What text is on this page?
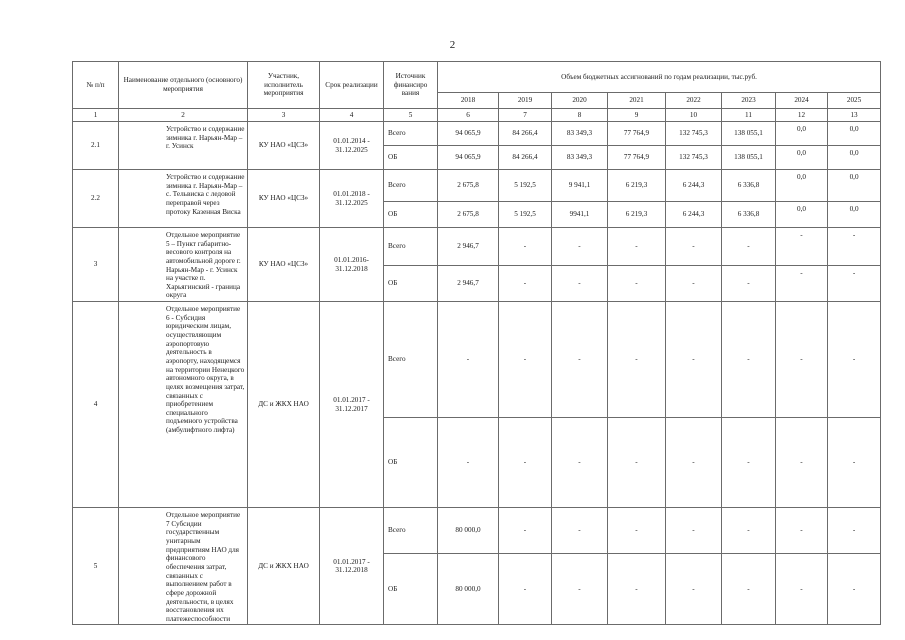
2
№ п/п	Наименование отдельного (основного) мероприятия	Участник, исполнитель мероприятия	Срок реализации	Источник финансиро вания	Объем бюджетных ассигнований по годам реализации, тыс.руб.							
					2018	2019	2020	2021	2022	2023	2024	2025
1	2	3	4	5	6	7	8	9	10	11	12	13
2.1	Устройство и содержание зимника г. Нарьян-Мар – г. Усинск	КУ НАО «ЦСЗ»	01.01.2014 - 31.12.2025	Всего	94 065,9	84 266,4	83 349,3	77 764,9	132 745,3	138 055,1	0,0	0,0
				ОБ	94 065,9	84 266,4	83 349,3	77 764,9	132 745,3	138 055,1	0,0	0,0
2.2	Устройство и содержание зимника г. Нарьян-Мар –с. Тельвиска с ледовой переправой через протоку Казенная Виска	КУ НАО «ЦСЗ»	01.01.2018 - 31.12.2025	Всего	2 675,8	5 192,5	9 941,1	6 219,3	6 244,3	6 336,8	0,0	0,0
				ОБ	2 675,8	5 192,5	9941,1	6 219,3	6 244,3	6 336,8	0,0	0,0
3	Отдельное мероприятие 5 – Пункт габаритно-весового контроля на автомобильной дороге г. Нарьян-Мар - г. Усинск на участке п. Харьягинский - граница округа	КУ НАО «ЦСЗ»	01.01.2016- 31.12.2018	Всего	2 946,7	-	-	-	-	-	-	-
				ОБ	2 946,7	-	-	-	-	-	-	-
4	Отдельное мероприятие 6 - Субсидия юридическим лицам, осуществляющим аэропортовую деятельность в аэропорту, находящемся на территории Ненецкого автономного округа, в целях возмещения затрат, связанных с приобретением специального подъемного устройства (амбулифтного лифта)	ДС и ЖКХ НАО	01.01.2017 - 31.12.2017	Всего	-	-	-	-	-	-	-	-
				ОБ	-	-	-	-	-	-	-	-
5	Отдельное мероприятие 7 Субсидии государственным унитарным предприятиям НАО для финансового обеспечения затрат, связанных с выполнением работ в сфере дорожной деятельности, в целях восстановления их платежеспособности	ДС и ЖКХ НАО	01.01.2017 - 31.12.2018	Всего	80 000,0	-	-	-	-	-	-	-
				ОБ	80 000,0	-	-	-	-	-	-	-
